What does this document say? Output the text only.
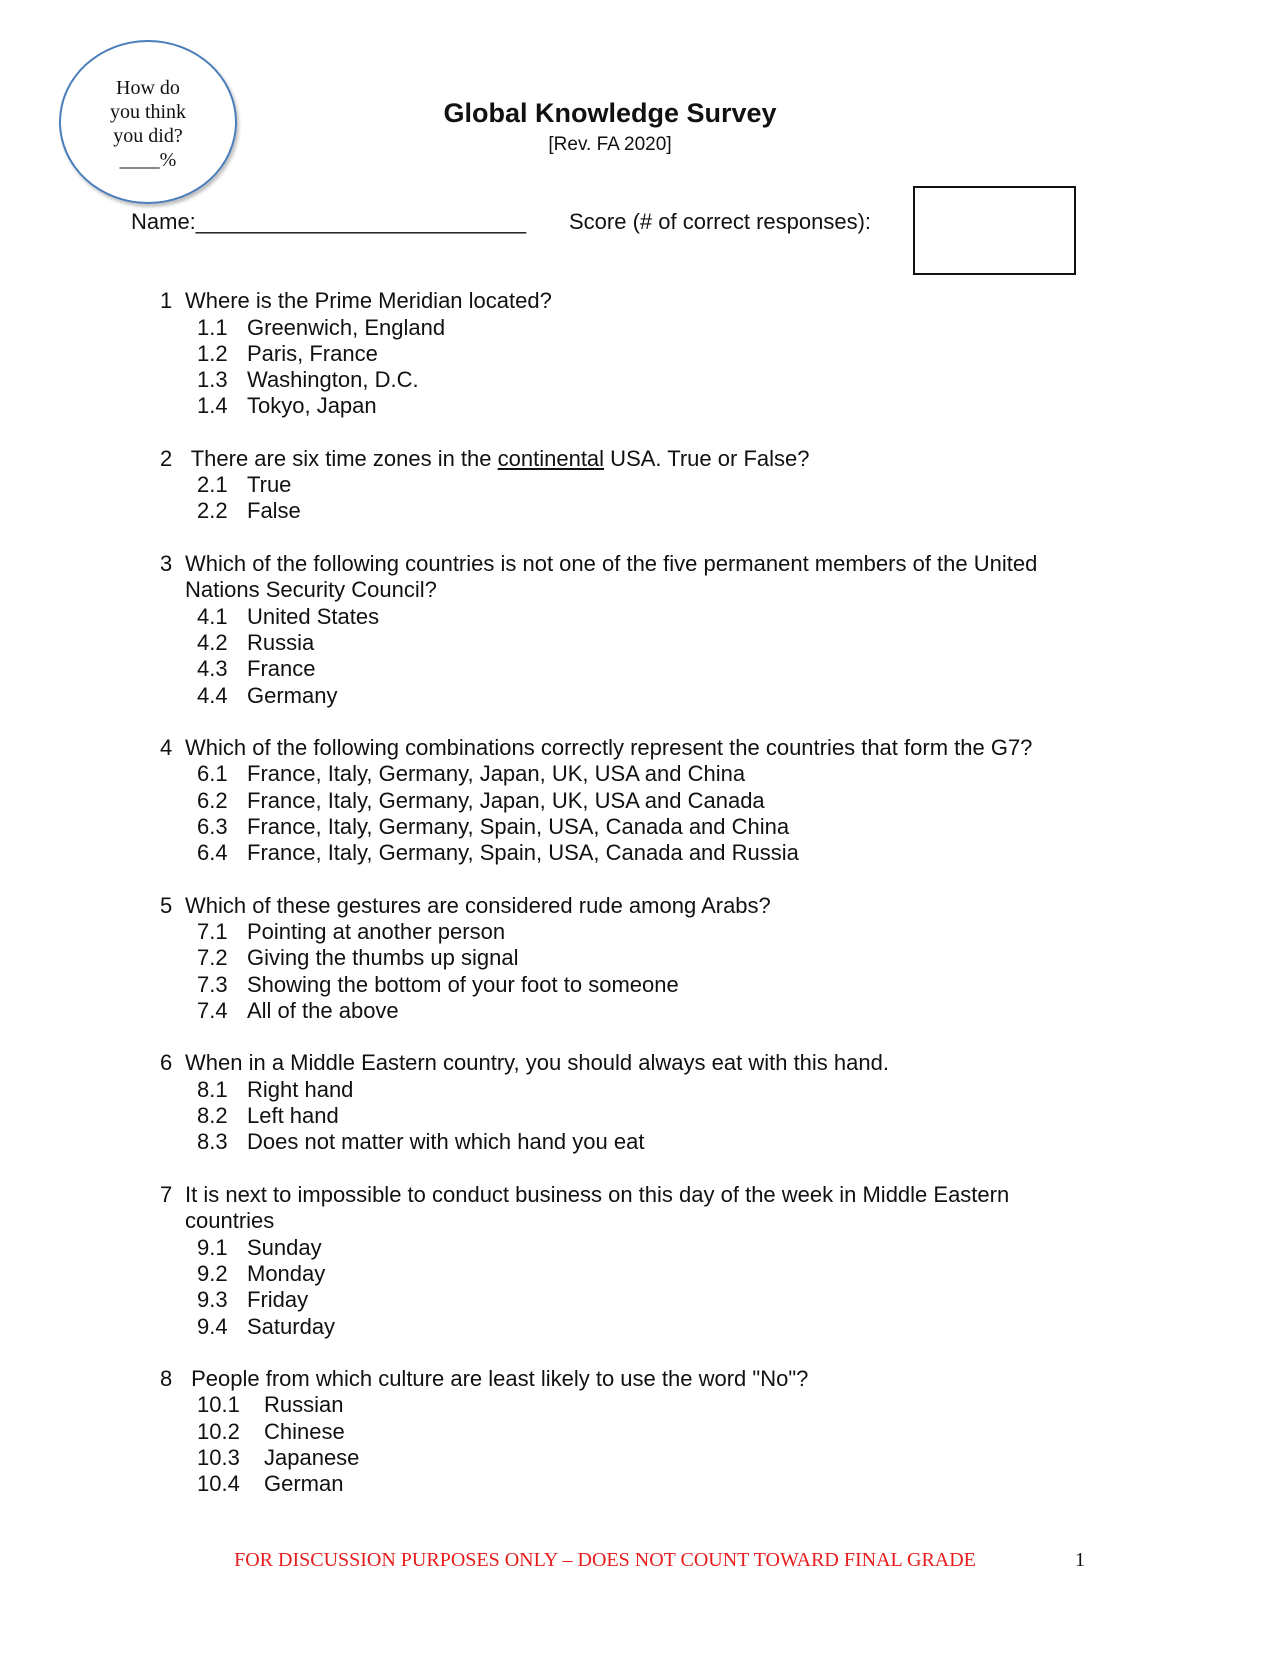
How do
you think
you did?
____%
Global Knowledge Survey
[Rev. FA 2020]
Name:___________________________ Score (# of correct responses):
1 Where is the Prime Meridian located?
1.1 Greenwich, England
1.2 Paris, France
1.3 Washington, D.C.
1.4 Tokyo, Japan
2 There are six time zones in the continental USA. True or False?
2.1 True
2.2 False
3 Which of the following countries is not one of the five permanent members of the United Nations Security Council?
4.1 United States
4.2 Russia
4.3 France
4.4 Germany
4 Which of the following combinations correctly represent the countries that form the G7?
6.1 France, Italy, Germany, Japan, UK, USA and China
6.2 France, Italy, Germany, Japan, UK, USA and Canada
6.3 France, Italy, Germany, Spain, USA, Canada and China
6.4 France, Italy, Germany, Spain, USA, Canada and Russia
5 Which of these gestures are considered rude among Arabs?
7.1 Pointing at another person
7.2 Giving the thumbs up signal
7.3 Showing the bottom of your foot to someone
7.4 All of the above
6 When in a Middle Eastern country, you should always eat with this hand.
8.1 Right hand
8.2 Left hand
8.3 Does not matter with which hand you eat
7 It is next to impossible to conduct business on this day of the week in Middle Eastern countries
9.1 Sunday
9.2 Monday
9.3 Friday
9.4 Saturday
8 People from which culture are least likely to use the word "No"?
10.1	Russian
10.2	Chinese
10.3	Japanese
10.4	German
FOR DISCUSSION PURPOSES ONLY – DOES NOT COUNT TOWARD FINAL GRADE	1
